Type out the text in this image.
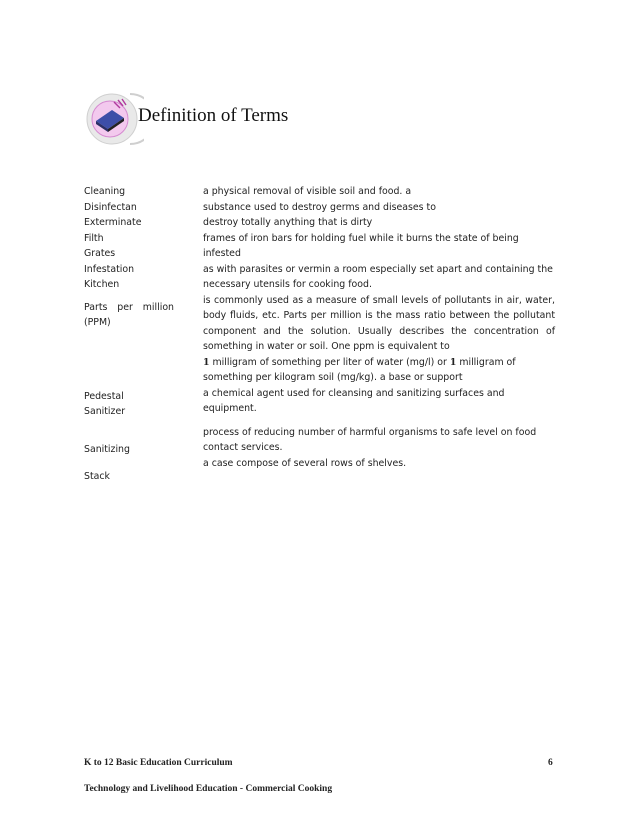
Definition of Terms
Cleaning
Disinfectan
Exterminate
Filth
Grates
Infestation
Kitchen
Parts per million
(PPM)
Pedestal
Sanitizer
Sanitizing
Stack

a physical removal of visible soil and food. a

substance used to destroy germs and diseases to

destroy totally anything that is dirty

frames of iron bars for holding fuel while it burns the state of being infested

as with parasites or vermin a room especially set apart and containing the

necessary utensils for cooking food.

is commonly used as a measure of small levels of pollutants in air, water,

body fluids, etc. Parts per million is the mass ratio between the pollutant

component and the solution. Usually describes the concentration of

something in water or soil. One ppm is equivalent to

1 milligram of something per liter of water (mg/l) or 1 milligram of

something per kilogram soil (mg/kg). a base or support

a chemical agent used for cleansing and sanitizing surfaces and equipment.

process of reducing number of harmful organisms to safe level on food

contact services.

a case compose of several rows of shelves.

K to 12 Basic Education Curriculum	6
Technology and Livelihood Education - Commercial Cooking
